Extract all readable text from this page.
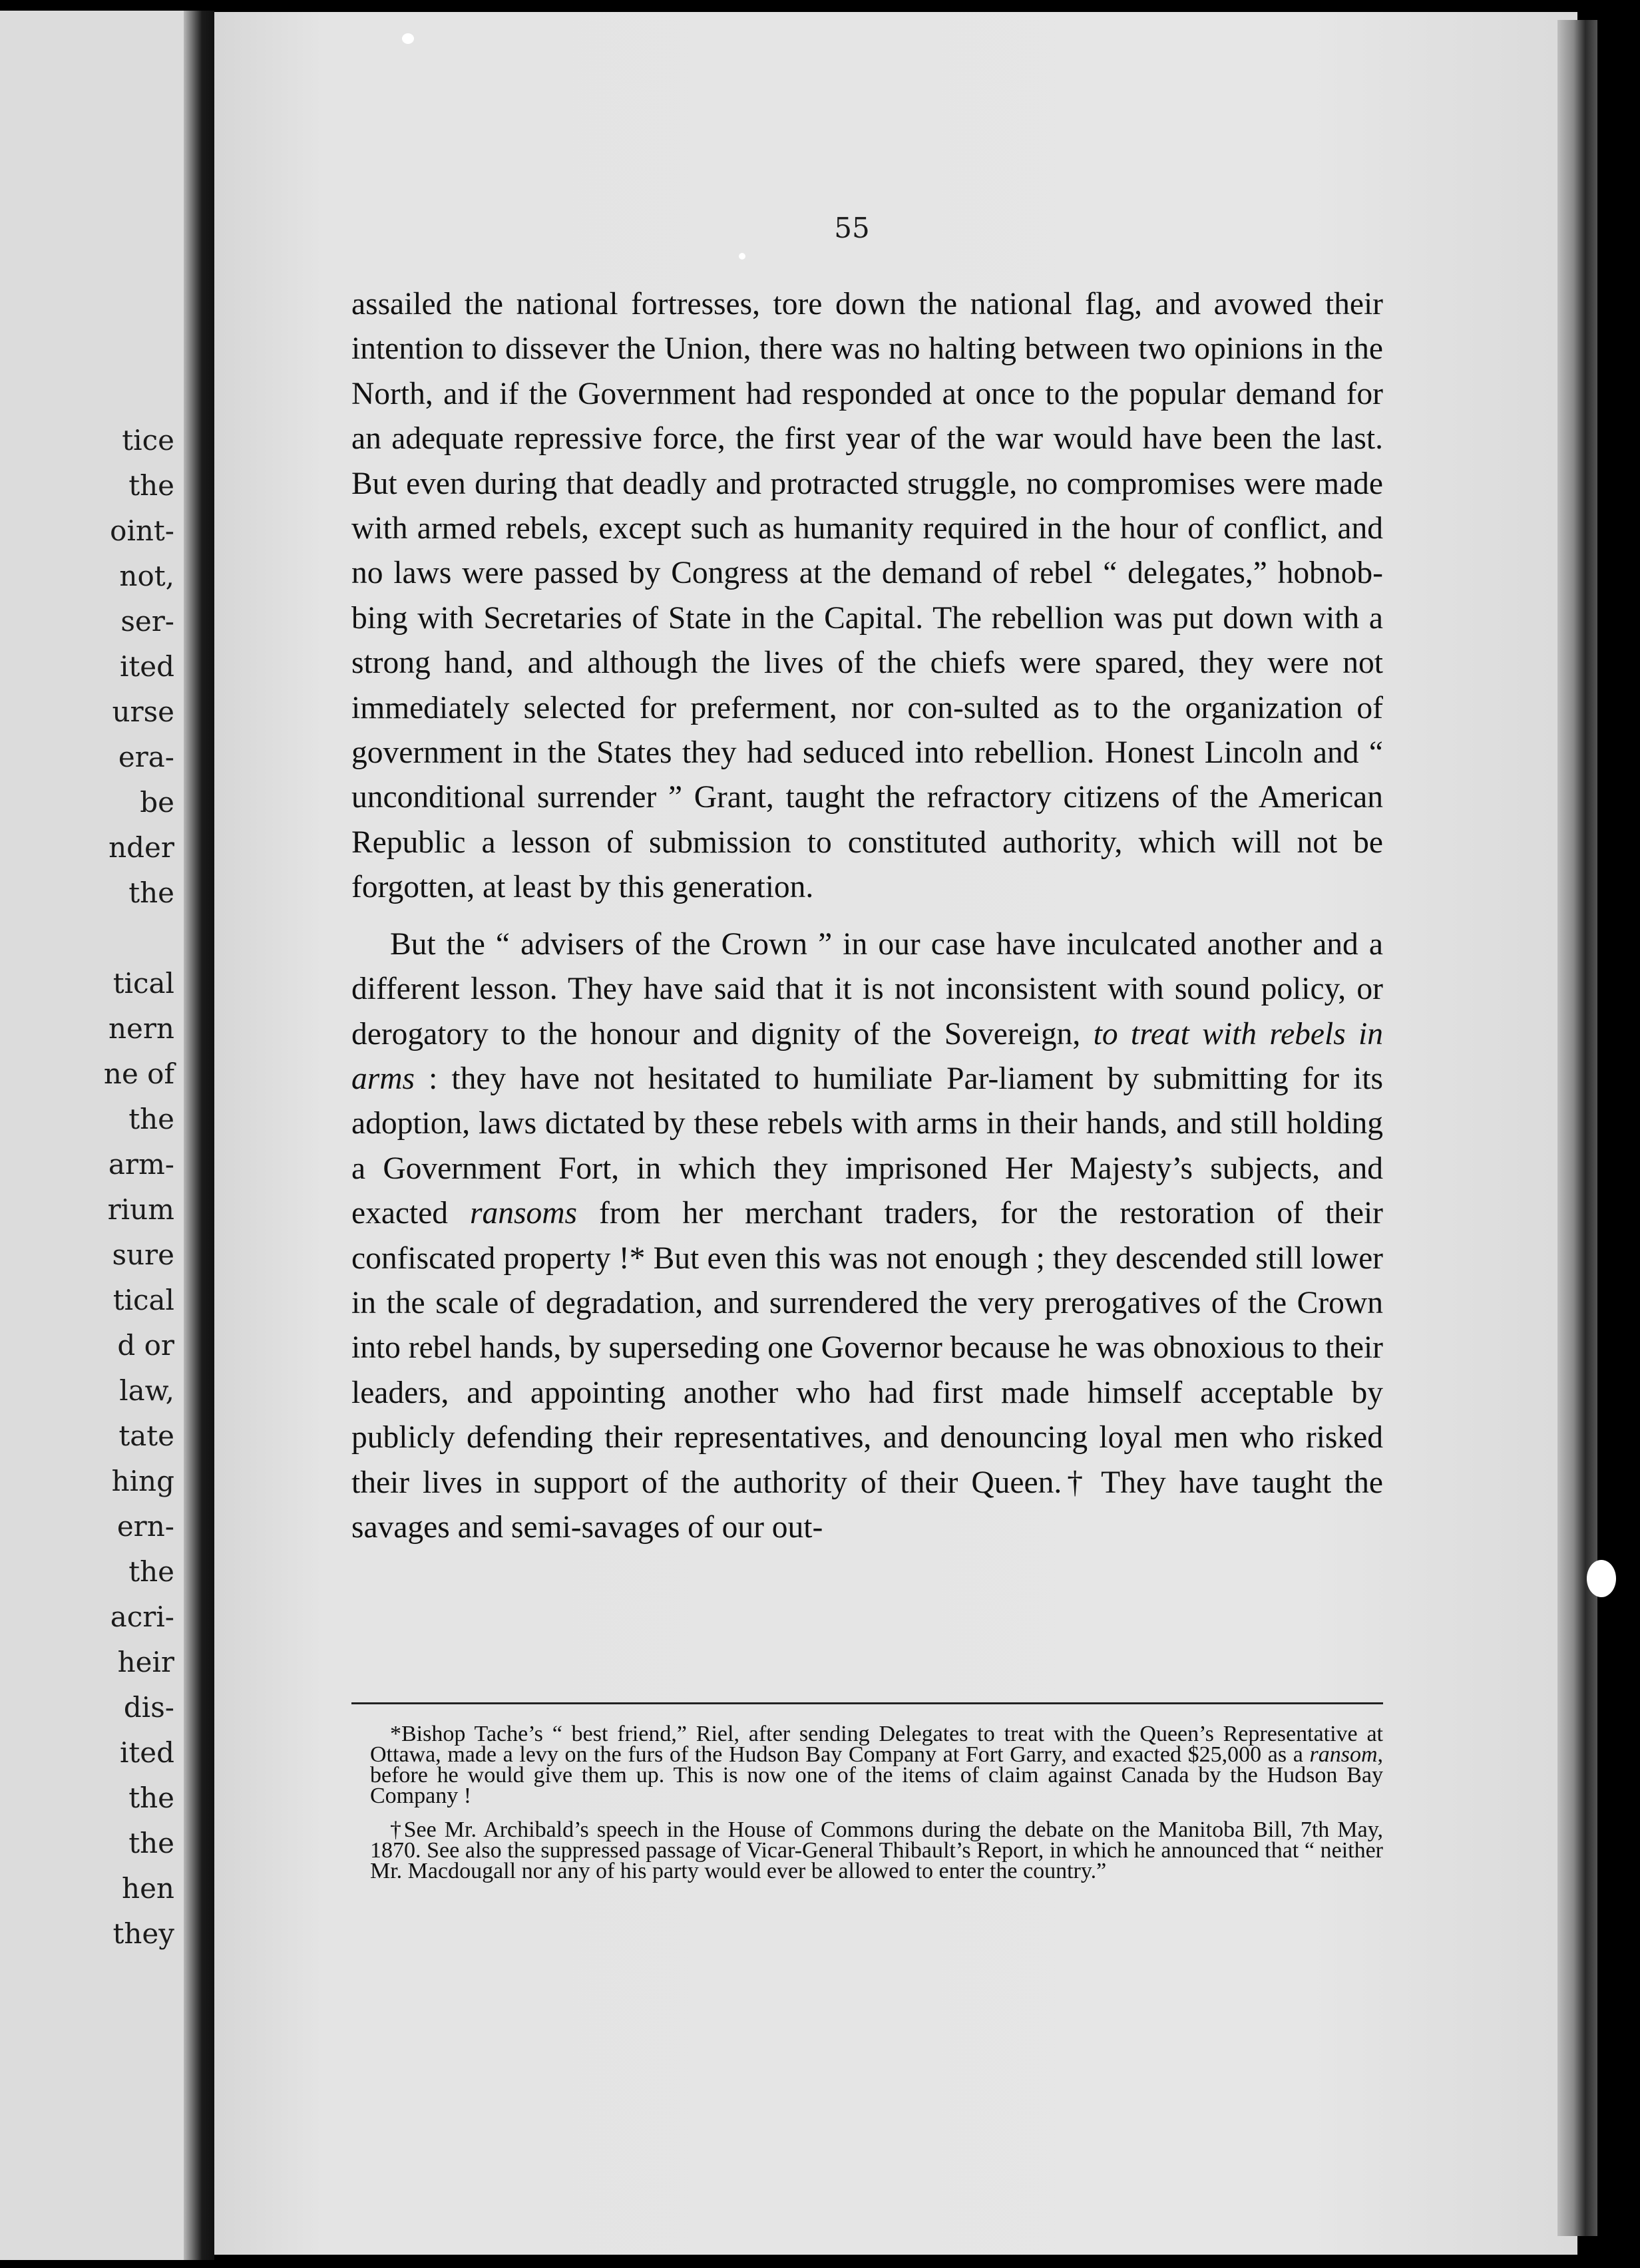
tice
the
oint-
not,
ser-
ited
urse
era-
be
nder
the
tical
nern
ne of
the
arm-
rium
sure
tical
d or
law,
tate
hing
ern-
the
acri-
heir
dis-
ited
the
the
hen
they
55

assailed the national fortresses, tore down the national flag, and avowed their intention to dissever the Union, there was no halting between two opinions in the North, and if the Government had responded at once to the popular demand for an adequate repressive force, the first year of the war would have been the last. But even during that deadly and protracted struggle, no compromises were made with armed rebels, except such as humanity required in the hour of conflict, and no laws were passed by Congress at the demand of rebel “ delegates,” hobnob-bing with Secretaries of State in the Capital. The rebellion was put down with a strong hand, and although the lives of the chiefs were spared, they were not immediately selected for preferment, nor con-sulted as to the organization of government in the States they had seduced into rebellion. Honest Lincoln and “ unconditional surrender ” Grant, taught the refractory citizens of the American Republic a lesson of submission to constituted authority, which will not be forgotten, at least by this generation.

But the “ advisers of the Crown ” in our case have inculcated another and a different lesson. They have said that it is not inconsistent with sound policy, or derogatory to the honour and dignity of the Sovereign, to treat with rebels in arms : they have not hesitated to humiliate Par-liament by submitting for its adoption, laws dictated by these rebels with arms in their hands, and still holding a Government Fort, in which they imprisoned Her Majesty’s subjects, and exacted ransoms from her merchant traders, for the restoration of their confiscated property !* But even this was not enough ; they descended still lower in the scale of degradation, and surrendered the very prerogatives of the Crown into rebel hands, by superseding one Governor because he was obnoxious to their leaders, and appointing another who had first made himself acceptable by publicly defending their representatives, and denouncing loyal men who risked their lives in support of the authority of their Queen.† They have taught the savages and semi-savages of our out-

*Bishop Tache’s “ best friend,” Riel, after sending Delegates to treat with the Queen’s Representative at Ottawa, made a levy on the furs of the Hudson Bay Company at Fort Garry, and exacted $25,000 as a ransom, before he would give them up. This is now one of the items of claim against Canada by the Hudson Bay Company !

†See Mr. Archibald’s speech in the House of Commons during the debate on the Manitoba Bill, 7th May, 1870. See also the suppressed passage of Vicar-General Thibault’s Report, in which he announced that “ neither Mr. Macdougall nor any of his party would ever be allowed to enter the country.”
